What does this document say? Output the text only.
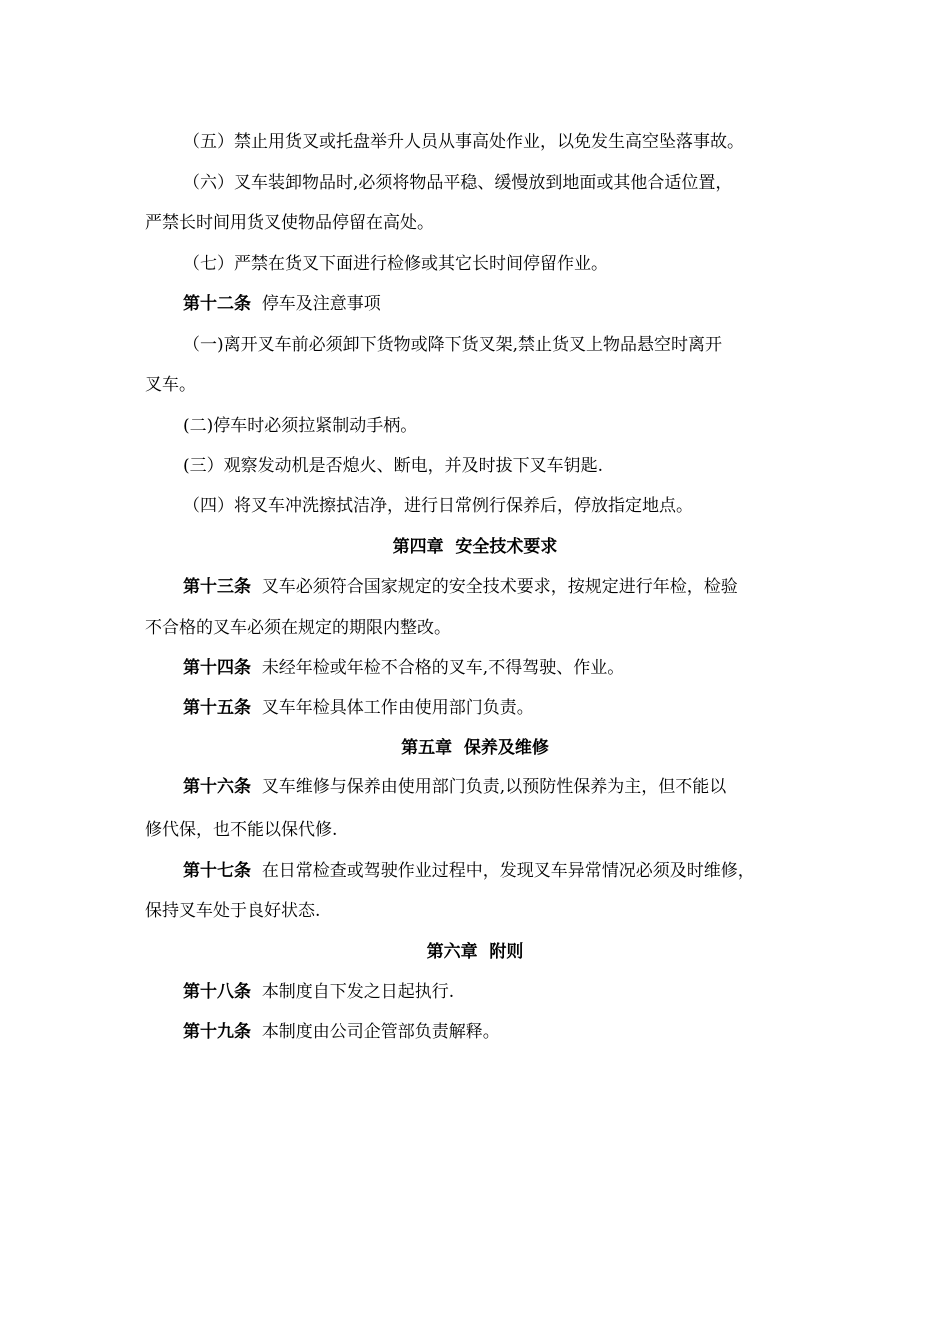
（五）禁止用货叉或托盘举升人员从事高处作业，以免发生高空坠落事故。
（六）叉车装卸物品时,必须将物品平稳、缓慢放到地面或其他合适位置，
严禁长时间用货叉使物品停留在高处。
（七）严禁在货叉下面进行检修或其它长时间停留作业。
第十二条 停车及注意事项
（一)离开叉车前必须卸下货物或降下货叉架,禁止货叉上物品悬空时离开
叉车。
(二)停车时必须拉紧制动手柄。
(三）观察发动机是否熄火、断电，并及时拔下叉车钥匙.
（四）将叉车冲洗擦拭洁净，进行日常例行保养后，停放指定地点。
第四章  安全技术要求
第十三条 叉车必须符合国家规定的安全技术要求，按规定进行年检，检验
不合格的叉车必须在规定的期限内整改。
第十四条 未经年检或年检不合格的叉车,不得驾驶、作业。
第十五条 叉车年检具体工作由使用部门负责。
第五章  保养及维修
第十六条 叉车维修与保养由使用部门负责,以预防性保养为主，但不能以
修代保，也不能以保代修.
第十七条 在日常检查或驾驶作业过程中，发现叉车异常情况必须及时维修，
保持叉车处于良好状态.
第六章  附则
第十八条 本制度自下发之日起执行.
第十九条 本制度由公司企管部负责解释。
